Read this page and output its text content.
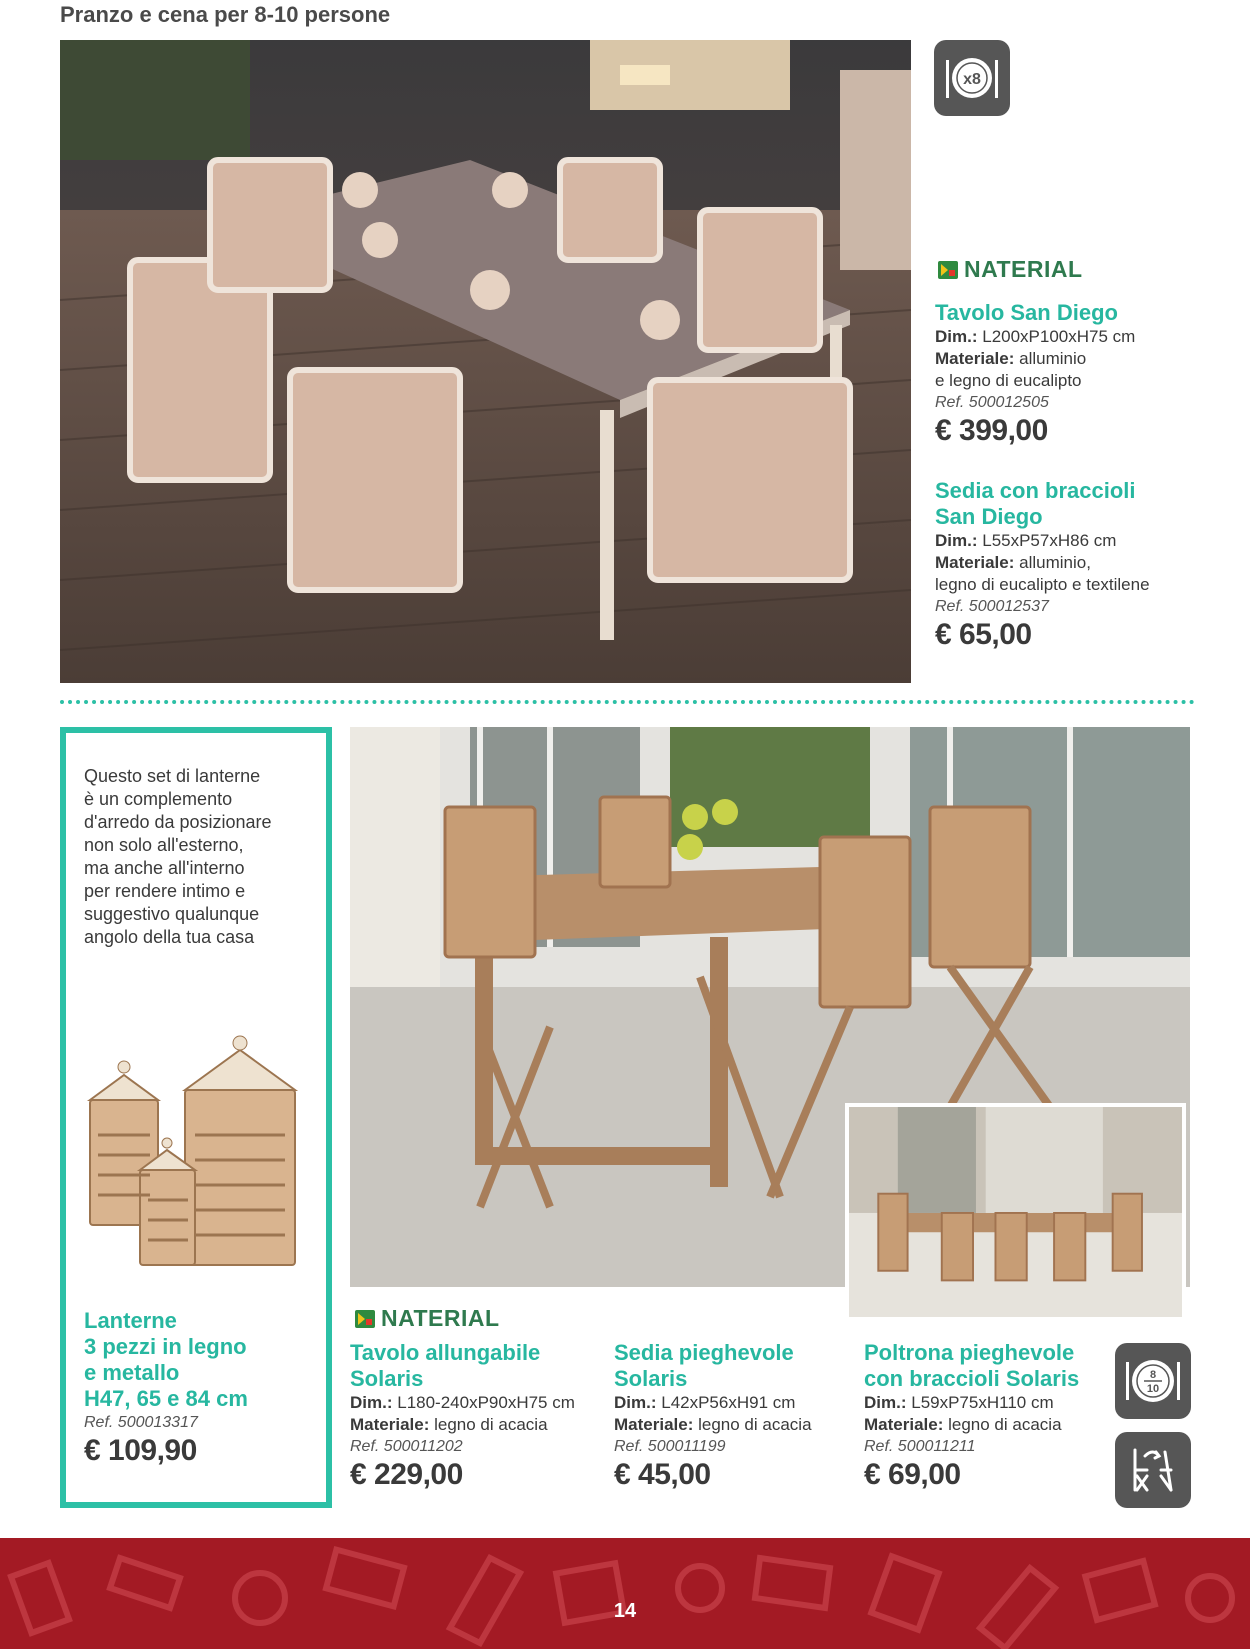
Pranzo e cena per 8-10 persone
x8
NATERIAL
Tavolo San Diego
Dim.: L200xP100xH75 cm
Materiale: alluminio
e legno di eucalipto
Ref. 500012505
€ 399,00
Sedia con braccioli
San Diego
Dim.: L55xP57xH86 cm
Materiale: alluminio,
legno di eucalipto e textilene
Ref. 500012537
€ 65,00
Questo set di lanterne
è un complemento
d'arredo da posizionare
non solo all'esterno,
ma anche all'interno
per rendere intimo e
suggestivo qualunque
angolo della tua casa
Lanterne
3 pezzi in legno
e metallo
H47, 65 e 84 cm
Ref. 500013317
€ 109,90
NATERIAL
Tavolo allungabile
Solaris
Dim.: L180-240xP90xH75 cm
Materiale: legno di acacia
Ref. 500011202
€ 229,00
Sedia pieghevole
Solaris
Dim.: L42xP56xH91 cm
Materiale: legno di acacia
Ref. 500011199
€ 45,00
Poltrona pieghevole
con braccioli Solaris
Dim.: L59xP75xH110 cm
Materiale: legno di acacia
Ref. 500011211
€ 69,00
8
10
14
